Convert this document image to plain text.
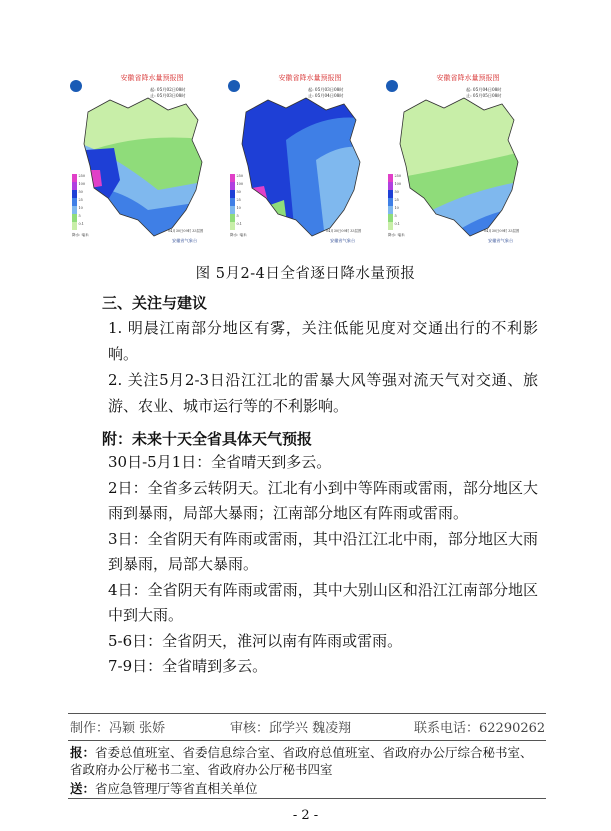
安徽省降水量预报图
起: 05月02日08时
止: 05月03日08时
250
100
50
25
10
5
0.1
降水: 毫米
04月30日09时 33层图
安徽省气象台
安徽省降水量预报图
起: 05月03日08时
止: 05月04日08时
250
100
50
25
10
5
0.1
降水: 毫米
04月30日09时 33层图
安徽省气象台
安徽省降水量预报图
起: 05月04日08时
止: 05月05日08时
250
100
50
25
10
5
0.1
降水: 毫米
04月30日09时 33层图
安徽省气象台
图 5月2-4日全省逐日降水量预报
三、关注与建议
1. 明晨江南部分地区有雾，关注低能见度对交通出行的不利影响。
2. 关注5月2-3日沿江江北的雷暴大风等强对流天气对交通、旅游、农业、城市运行等的不利影响。
附：未来十天全省具体天气预报
30日-5月1日：全省晴天到多云。
2日：全省多云转阴天。江北有小到中等阵雨或雷雨，部分地区大雨到暴雨，局部大暴雨；江南部分地区有阵雨或雷雨。
3日：全省阴天有阵雨或雷雨，其中沿江江北中雨，部分地区大雨到暴雨，局部大暴雨。
4日：全省阴天有阵雨或雷雨，其中大别山区和沿江江南部分地区中到大雨。
5-6日：全省阴天，淮河以南有阵雨或雷雨。
7-9日：全省晴到多云。
制作：冯颖 张娇	审核：邱学兴 魏凌翔	联系电话：62290262
报：省委总值班室、省委信息综合室、省政府总值班室、省政府办公厅综合秘书室、省政府办公厅秘书二室、省政府办公厅秘书四室
送：省应急管理厅等省直相关单位
- 2 -
